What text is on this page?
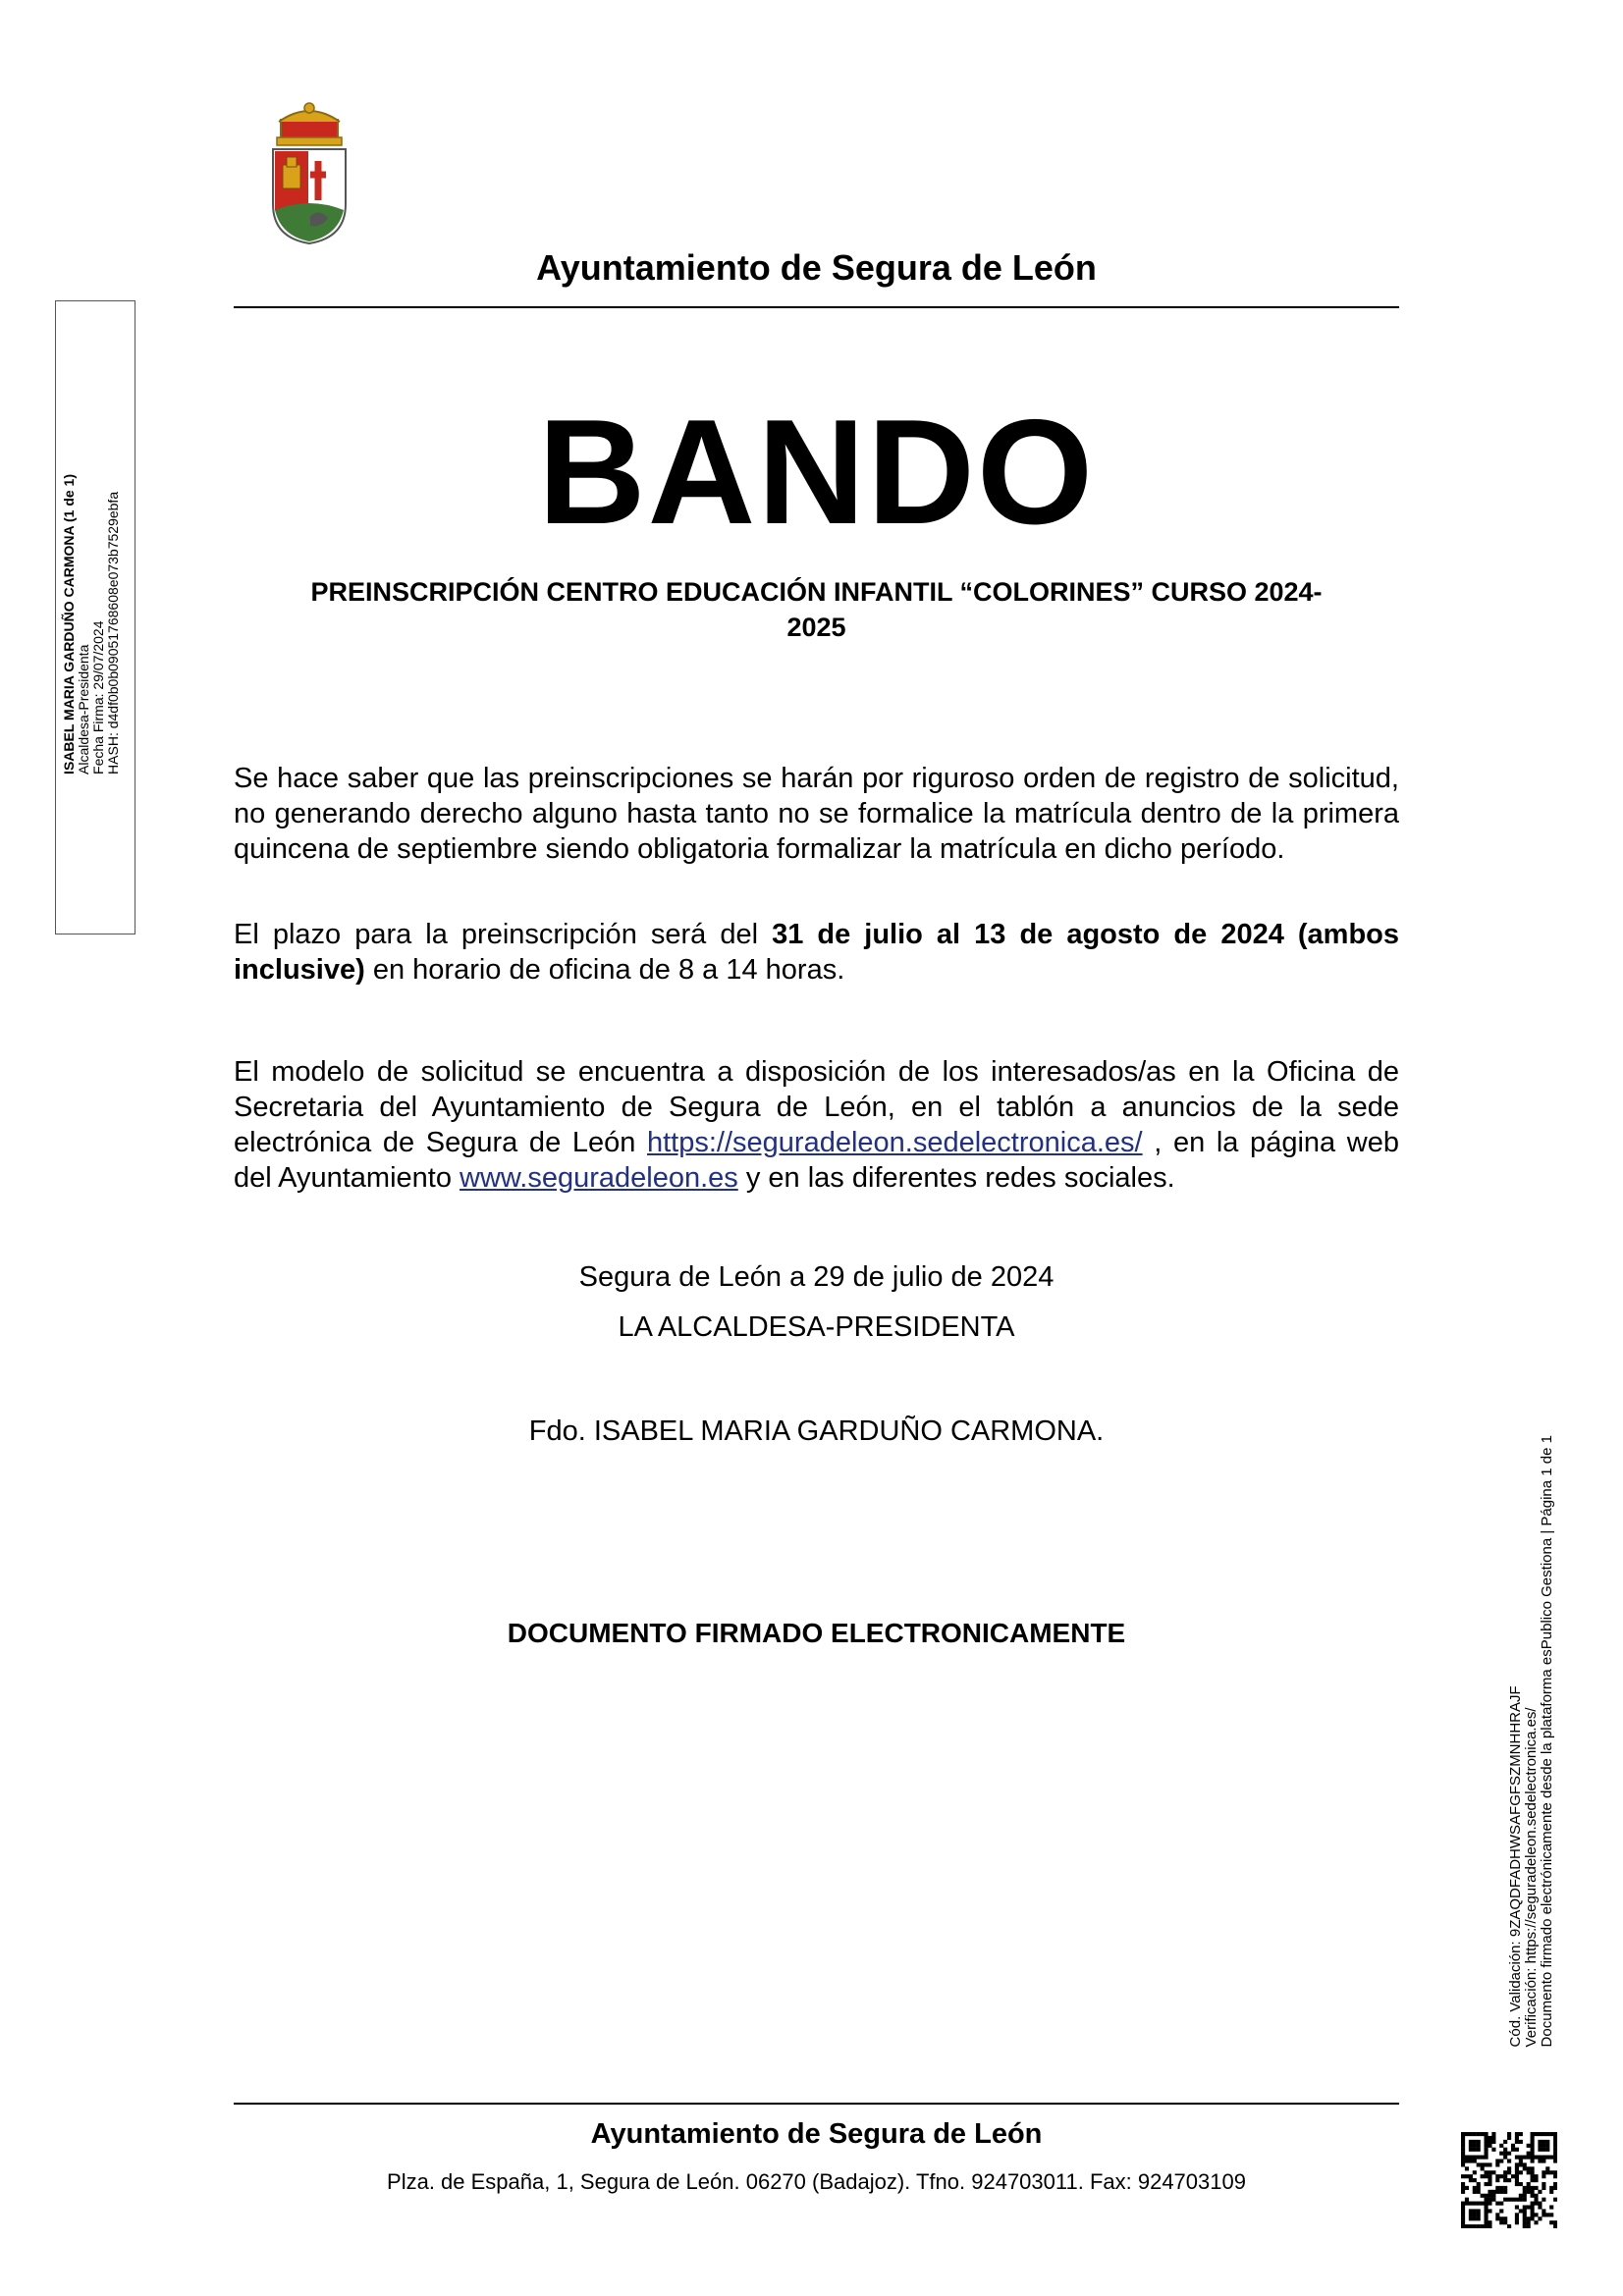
Ayuntamiento de Segura de León
ISABEL MARIA GARDUÑO CARMONA (1 de 1) Alcaldesa-Presidenta Fecha Firma: 29/07/2024 HASH: d4df0b0b09051768608e073b7529ebfa
BANDO
PREINSCRIPCIÓN CENTRO EDUCACIÓN INFANTIL “COLORINES” CURSO 2024-
2025
Se hace saber que las preinscripciones se harán por riguroso orden de registro de solicitud, no generando derecho alguno hasta tanto no se formalice la matrícula dentro de la primera quincena de septiembre siendo obligatoria formalizar la matrícula en dicho período.
El plazo para la preinscripción será del 31 de julio al 13 de agosto de 2024 (ambos inclusive) en horario de oficina de 8 a 14 horas.
El modelo de solicitud se encuentra a disposición de los interesados/as en la Oficina de Secretaria del Ayuntamiento de Segura de León, en el tablón a anuncios de la sede electrónica de Segura de León https://seguradeleon.sedelectronica.es/ , en la página web del Ayuntamiento www.seguradeleon.es y en las diferentes redes sociales.
Segura de León a 29 de julio de 2024
LA ALCALDESA-PRESIDENTA
Fdo. ISABEL MARIA GARDUÑO CARMONA.
DOCUMENTO FIRMADO ELECTRONICAMENTE
Cód. Validación: 9ZAQDFADHWSAFGFSZMNHHRAJF Verificación: https://seguradeleon.sedelectronica.es/ Documento firmado electrónicamente desde la plataforma esPublico Gestiona | Página 1 de 1
Ayuntamiento de Segura de León
Plza. de España, 1, Segura de León. 06270 (Badajoz). Tfno. 924703011. Fax: 924703109
